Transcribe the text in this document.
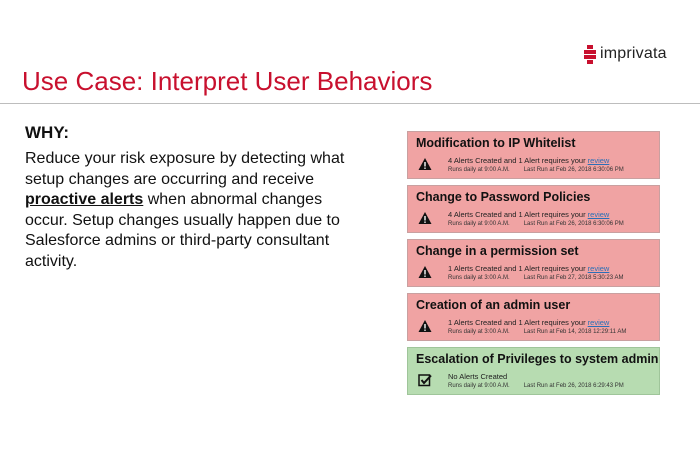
imprivata
Use Case: Interpret User Behaviors
WHY:

Reduce your risk exposure by detecting what setup changes are occurring and receive proactive alerts when abnormal changes occur. Setup changes usually happen due to Salesforce admins or third-party consultant activity.

Modification to IP Whitelist
4 Alerts Created and 1 Alert requires your review
Runs daily at 9:00 A.M. Last Run at Feb 26, 2018 6:30:06 PM
Change to Password Policies
4 Alerts Created and 1 Alert requires your review
Runs daily at 9:00 A.M. Last Run at Feb 26, 2018 6:30:06 PM
Change in a permission set
1 Alerts Created and 1 Alert requires your review
Runs daily at 3:00 A.M. Last Run at Feb 27, 2018 5:30:23 AM
Creation of an admin user
1 Alerts Created and 1 Alert requires your review
Runs daily at 3:00 A.M. Last Run at Feb 14, 2018 12:29:11 AM
Escalation of Privileges to system admin
No Alerts Created
Runs daily at 9:00 A.M. Last Run at Feb 26, 2018 6:29:43 PM
